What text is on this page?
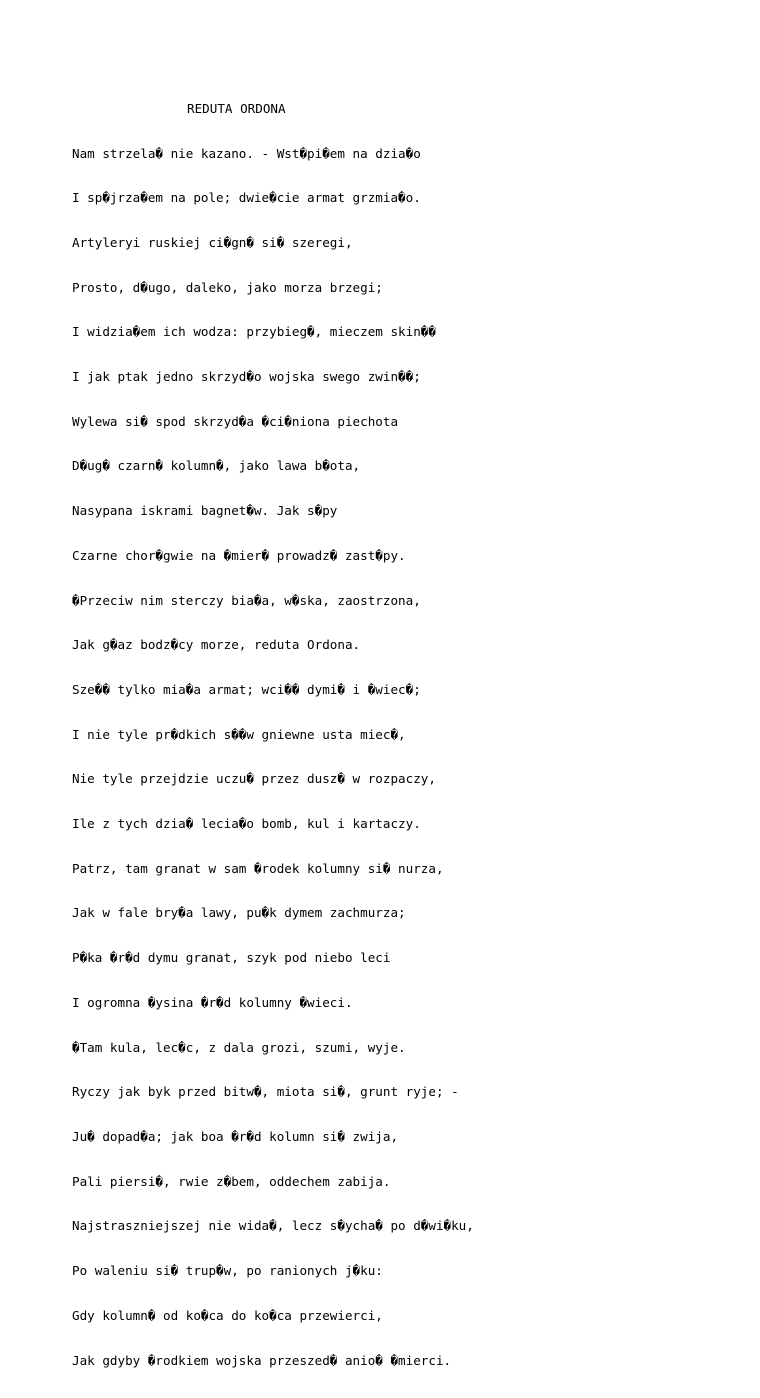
REDUTA ORDONA

Nam strzela� nie kazano. - Wst�pi�em na dzia�o

I sp�jrza�em na pole; dwie�cie armat grzmia�o.

Artyleryi ruskiej ci�gn� si� szeregi,

Prosto, d�ugo, daleko, jako morza brzegi;

I widzia�em ich wodza: przybieg�, mieczem skin��

I jak ptak jedno skrzyd�o wojska swego zwin��;

Wylewa si� spod skrzyd�a �ci�niona piechota

D�ug� czarn� kolumn�, jako lawa b�ota,

Nasypana iskrami bagnet�w. Jak s�py

Czarne chor�gwie na �mier� prowadz� zast�py.

�Przeciw nim sterczy bia�a, w�ska, zaostrzona,

Jak g�az bodz�cy morze, reduta Ordona.

Sze�� tylko mia�a armat; wci�� dymi� i �wiec�;

I nie tyle pr�dkich s��w gniewne usta miec�,

Nie tyle przejdzie uczu� przez dusz� w rozpaczy,

Ile z tych dzia� lecia�o bomb, kul i kartaczy.

Patrz, tam granat w sam �rodek kolumny si� nurza,

Jak w fale bry�a lawy, pu�k dymem zachmurza;

P�ka �r�d dymu granat, szyk pod niebo leci

I ogromna �ysina �r�d kolumny �wieci.

�Tam kula, lec�c, z dala grozi, szumi, wyje.

Ryczy jak byk przed bitw�, miota si�, grunt ryje; -

Ju� dopad�a; jak boa �r�d kolumn si� zwija,

Pali piersi�, rwie z�bem, oddechem zabija.

Najstraszniejszej nie wida�, lecz s�ycha� po d�wi�ku,

Po waleniu si� trup�w, po ranionych j�ku:

Gdy kolumn� od ko�ca do ko�ca przewierci,

Jak gdyby �rodkiem wojska przeszed� anio� �mierci.
